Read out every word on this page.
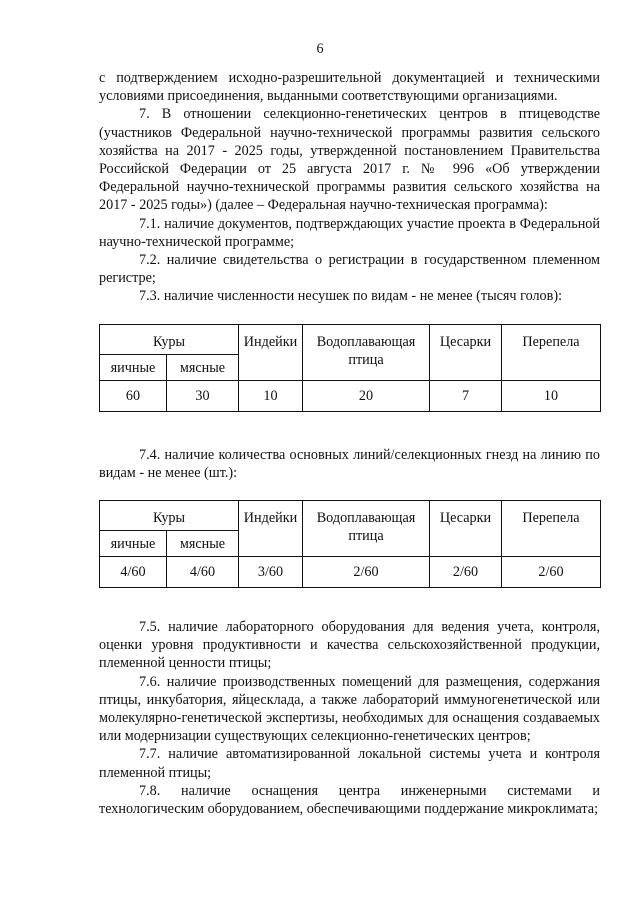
6

с подтверждением исходно-разрешительной документацией и техническими условиями присоединения, выданными соответствующими организациями.

7. В отношении селекционно-генетических центров в птицеводстве (участников Федеральной научно-технической программы развития сельского хозяйства на 2017 - 2025 годы, утвержденной постановлением Правительства Российской Федерации от 25 августа 2017 г. № 996 «Об утверждении Федеральной научно-технической программы развития сельского хозяйства на 2017 - 2025 годы») (далее – Федеральная научно-техническая программа):

7.1. наличие документов, подтверждающих участие проекта в Федеральной научно-технической программе;

7.2. наличие свидетельства о регистрации в государственном племенном регистре;

7.3. наличие численности несушек по видам - не менее (тысяч голов):

Куры		Индейки	Водоплавающая птица	Цесарки	Перепела
яичные	мясные				
60	30	10	20	7	10

7.4. наличие количества основных линий/селекционных гнезд на линию по видам - не менее (шт.):

Куры		Индейки	Водоплавающая птица	Цесарки	Перепела
яичные	мясные				
4/60	4/60	3/60	2/60	2/60	2/60

7.5. наличие лабораторного оборудования для ведения учета, контроля, оценки уровня продуктивности и качества сельскохозяйственной продукции, племенной ценности птицы;

7.6. наличие производственных помещений для размещения, содержания птицы, инкубатория, яйцесклада, а также лабораторий иммуногенетической или молекулярно-генетической экспертизы, необходимых для оснащения создаваемых или модернизации существующих селекционно-генетических центров;

7.7. наличие автоматизированной локальной системы учета и контроля племенной птицы;

7.8. наличие оснащения центра инженерными системами и технологическим оборудованием, обеспечивающими поддержание микроклимата;
